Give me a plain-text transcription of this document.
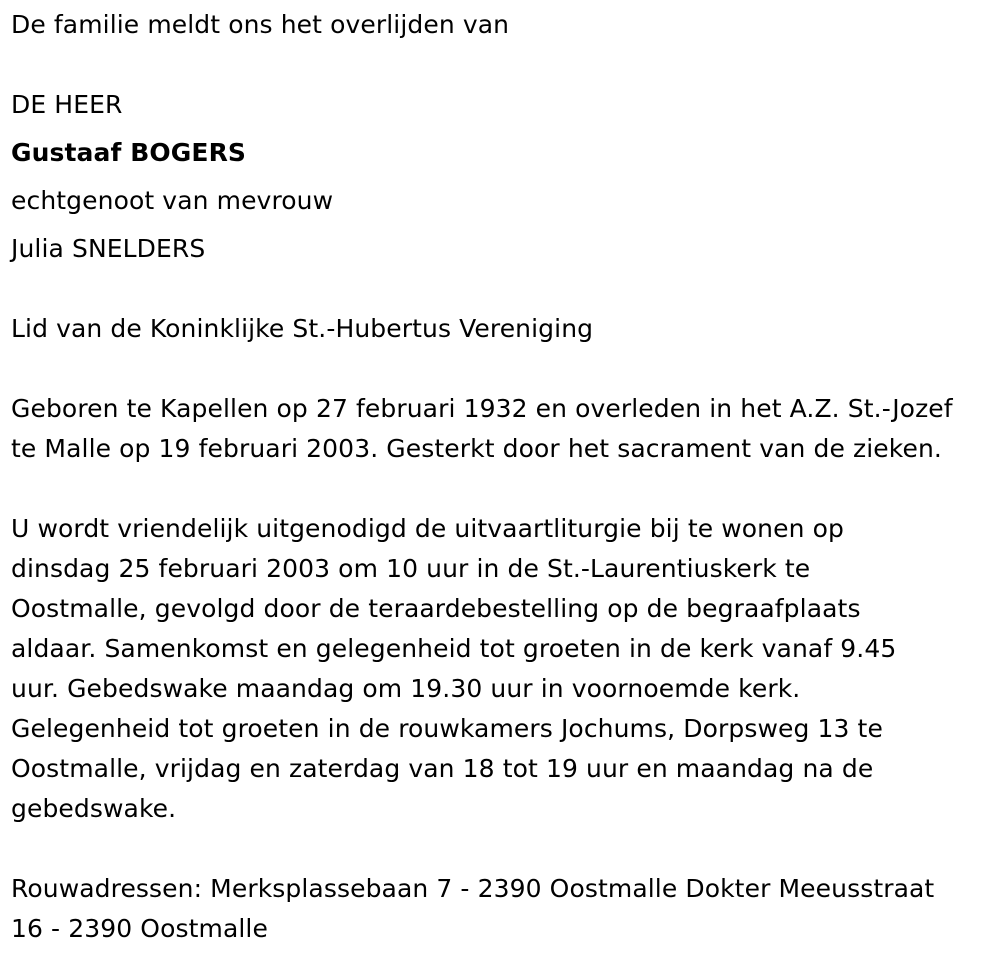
De familie meldt ons het overlijden van
DE HEER
Gustaaf BOGERS
echtgenoot van mevrouw
Julia SNELDERS
Lid van de Koninklijke St.-Hubertus Vereniging
Geboren te Kapellen op 27 februari 1932 en overleden in het A.Z. St.-Jozef
te Malle op 19 februari 2003. Gesterkt door het sacrament van de zieken.
U wordt vriendelijk uitgenodigd de uitvaartliturgie bij te wonen op
dinsdag 25 februari 2003 om 10 uur in de St.-Laurentiuskerk te
Oostmalle, gevolgd door de teraardebestelling op de begraafplaats
aldaar. Samenkomst en gelegenheid tot groeten in de kerk vanaf 9.45
uur. Gebedswake maandag om 19.30 uur in voornoemde kerk.
Gelegenheid tot groeten in de rouwkamers Jochums, Dorpsweg 13 te
Oostmalle, vrijdag en zaterdag van 18 tot 19 uur en maandag na de
gebedswake.
Rouwadressen: Merksplassebaan 7 - 2390 Oostmalle Dokter Meeusstraat
16 - 2390 Oostmalle
